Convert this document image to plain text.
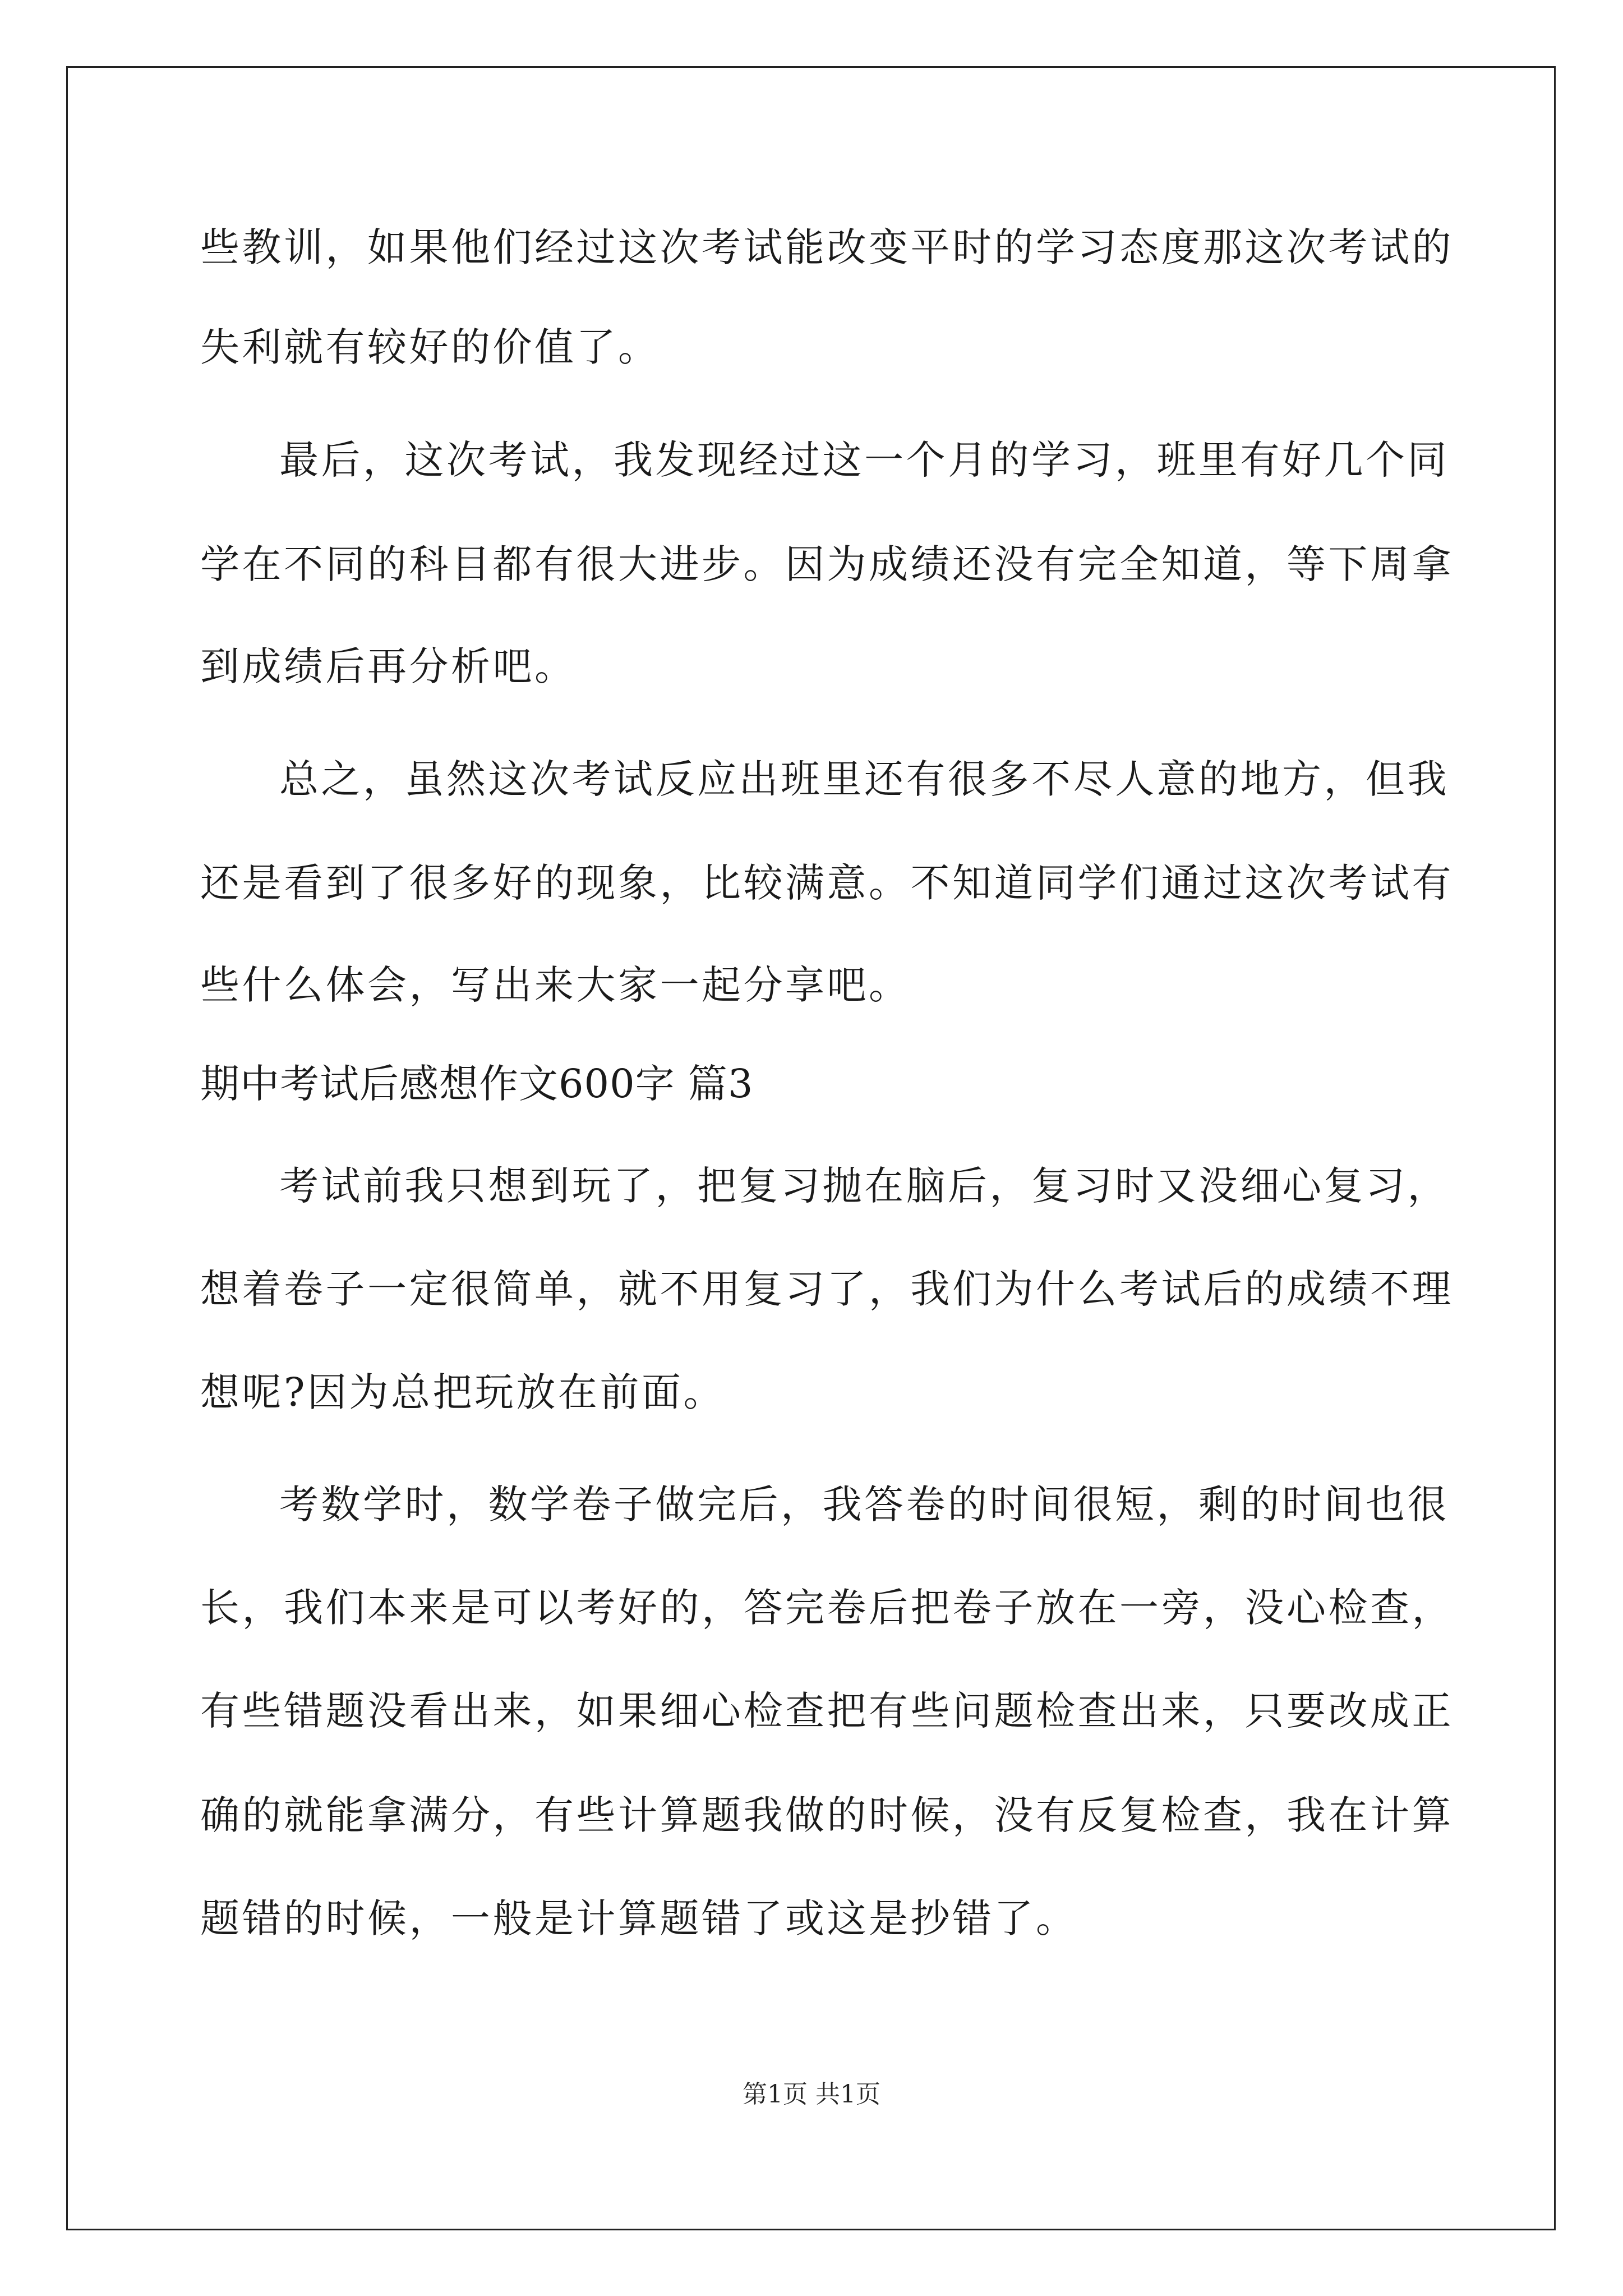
些教训，如果他们经过这次考试能改变平时的学习态度那这次考试的
失利就有较好的价值了。
最后，这次考试，我发现经过这一个月的学习，班里有好几个同
学在不同的科目都有很大进步。因为成绩还没有完全知道，等下周拿
到成绩后再分析吧。
总之，虽然这次考试反应出班里还有很多不尽人意的地方，但我
还是看到了很多好的现象，比较满意。不知道同学们通过这次考试有
些什么体会，写出来大家一起分享吧。
期中考试后感想作文600字 篇3
考试前我只想到玩了，把复习抛在脑后，复习时又没细心复习，
想着卷子一定很简单，就不用复习了，我们为什么考试后的成绩不理
想呢?因为总把玩放在前面。
考数学时，数学卷子做完后，我答卷的时间很短，剩的时间也很
长，我们本来是可以考好的，答完卷后把卷子放在一旁，没心检查，
有些错题没看出来，如果细心检查把有些问题检查出来，只要改成正
确的就能拿满分，有些计算题我做的时候，没有反复检查，我在计算
题错的时候，一般是计算题错了或这是抄错了。
第1页 共1页
